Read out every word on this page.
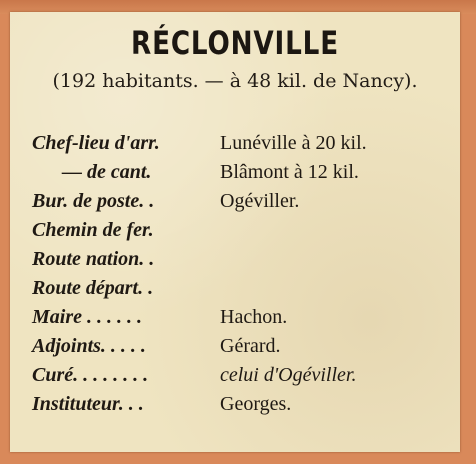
RÉCLONVILLE
(192 habitants. — à 48 kil. de Nancy).
Chef-lieu d'arr.	Lunéville à 20 kil.
— de cant.	Blâmont à 12 kil.
Bur. de poste. .	Ogéviller.
Chemin de fer.
Route nation. .
Route départ. .
Maire . . . . . .	Hachon.
Adjoints. . . . .	Gérard.
Curé. . . . . . . .	celui d'Ogéviller.
Instituteur. . .	Georges.
